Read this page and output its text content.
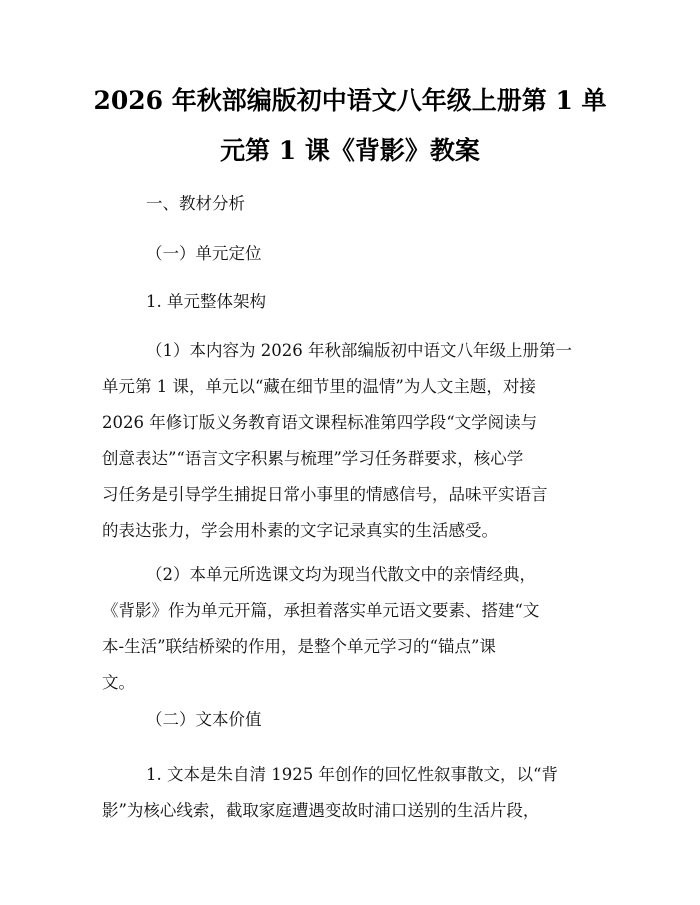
2026 年秋部编版初中语文八年级上册第 1 单
元第 1 课《背影》教案
一、教材分析
（一）单元定位
1. 单元整体架构
（1）本内容为 2026 年秋部编版初中语文八年级上册第一
单元第 1 课，单元以“藏在细节里的温情”为人文主题，对接
2026 年修订版义务教育语文课程标准第四学段“文学阅读与
创意表达”“语言文字积累与梳理”学习任务群要求，核心学
习任务是引导学生捕捉日常小事里的情感信号，品味平实语言
的表达张力，学会用朴素的文字记录真实的生活感受。
（2）本单元所选课文均为现当代散文中的亲情经典，
《背影》作为单元开篇，承担着落实单元语文要素、搭建“文
本-生活”联结桥梁的作用，是整个单元学习的“锚点”课
文。
（二）文本价值
1. 文本是朱自清 1925 年创作的回忆性叙事散文，以“背
影”为核心线索，截取家庭遭遇变故时浦口送别的生活片段，
